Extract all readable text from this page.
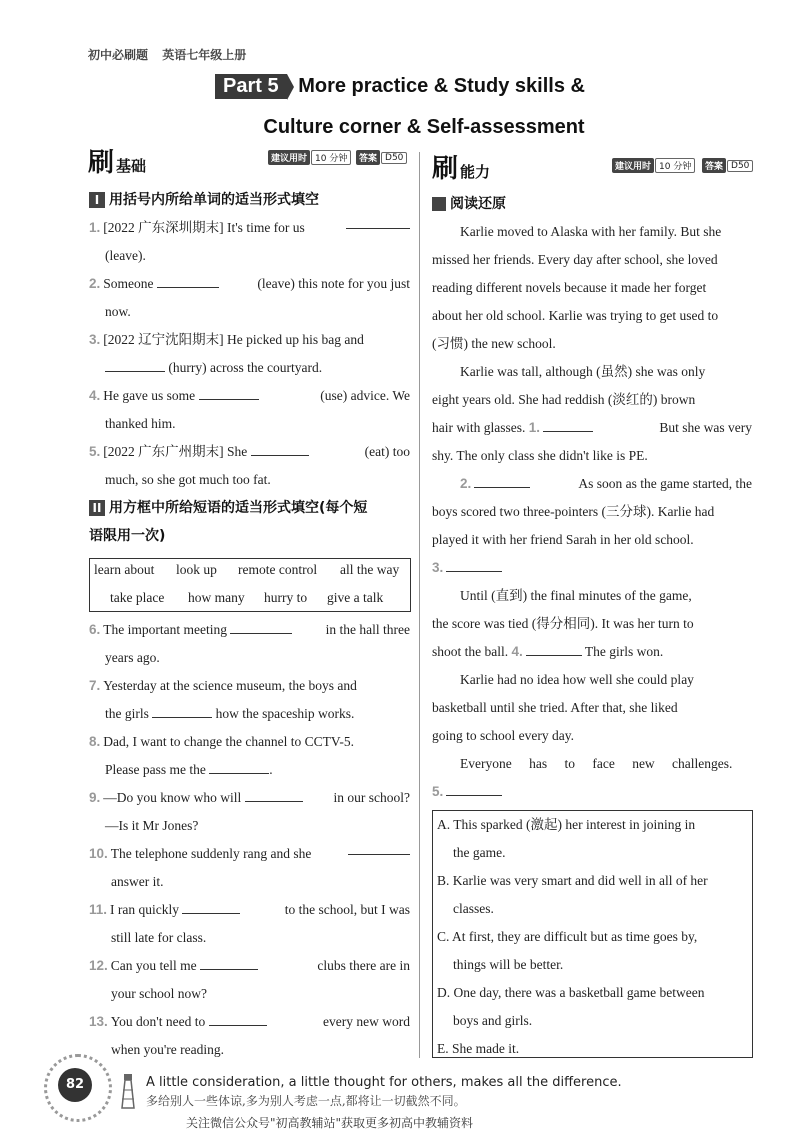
初中必刷题 英语七年级上册
Part 5 More practice & Study skills &
Culture corner & Self-assessment
刷基础	建议用时 10 分钟	答案 D50 刷能力	建议用时 10 分钟	答案 D50
I 用括号内所给单词的适当形式填空
1. [2022 广东深圳期末] It's time for us
(leave).
2. Someone	(leave) this note for you just
now.
3. [2022 辽宁沈阳期末] He picked up his bag and
(hurry) across the courtyard.
4. He gave us some	(use) advice. We
thanked him.
5. [2022 广东广州期末] She	(eat) too
much, so she got much too fat.
II 用方框中所给短语的适当形式填空(每个短
语限用一次)
learn about look up remote control all the way
take place how many hurry to give a talk
6. The important meeting	in the hall three
years ago.
7. Yesterday at the science museum, the boys and
the girls	how the spaceship works.
8. Dad, I want to change the channel to CCTV-5.
Please pass me the	.
9. —Do you know who will	in our school?
—Is it Mr Jones?
10. The telephone suddenly rang and she
answer it.
11. I ran quickly	to the school, but I was
still late for class.
12. Can you tell me	clubs there are in
your school now?
13. You don't need to	every new word
when you're reading.
阅读还原
Karlie moved to Alaska with her family. But she
missed her friends. Every day after school, she loved
reading different novels because it made her forget
about her old school. Karlie was trying to get used to
(习惯) the new school.
Karlie was tall, although (虽然) she was only
eight years old. She had reddish (淡红的) brown
hair with glasses. 1.	But she was very
shy. The only class she didn't like is PE.
2.	As soon as the game started, the
boys scored two three-pointers (三分球). Karlie had
played it with her friend Sarah in her old school.
3.
Until (直到) the final minutes of the game,
the score was tied (得分相同). It was her turn to
shoot the ball. 4.	The girls won.
Karlie had no idea how well she could play
basketball until she tried. After that, she liked
going to school every day.
Everyone has to face new challenges.
5.
A. This sparked (激起) her interest in joining in
the game.
B. Karlie was very smart and did well in all of her
classes.
C. At first, they are difficult but as time goes by,
things will be better.
D. One day, there was a basketball game between
boys and girls.
E. She made it.
82	A little consideration, a little thought for others, makes all the difference.
多给别人一些体谅,多为别人考虑一点,都将让一切截然不同。
关注微信公众号"初高教辅站"获取更多初高中教辅资料
